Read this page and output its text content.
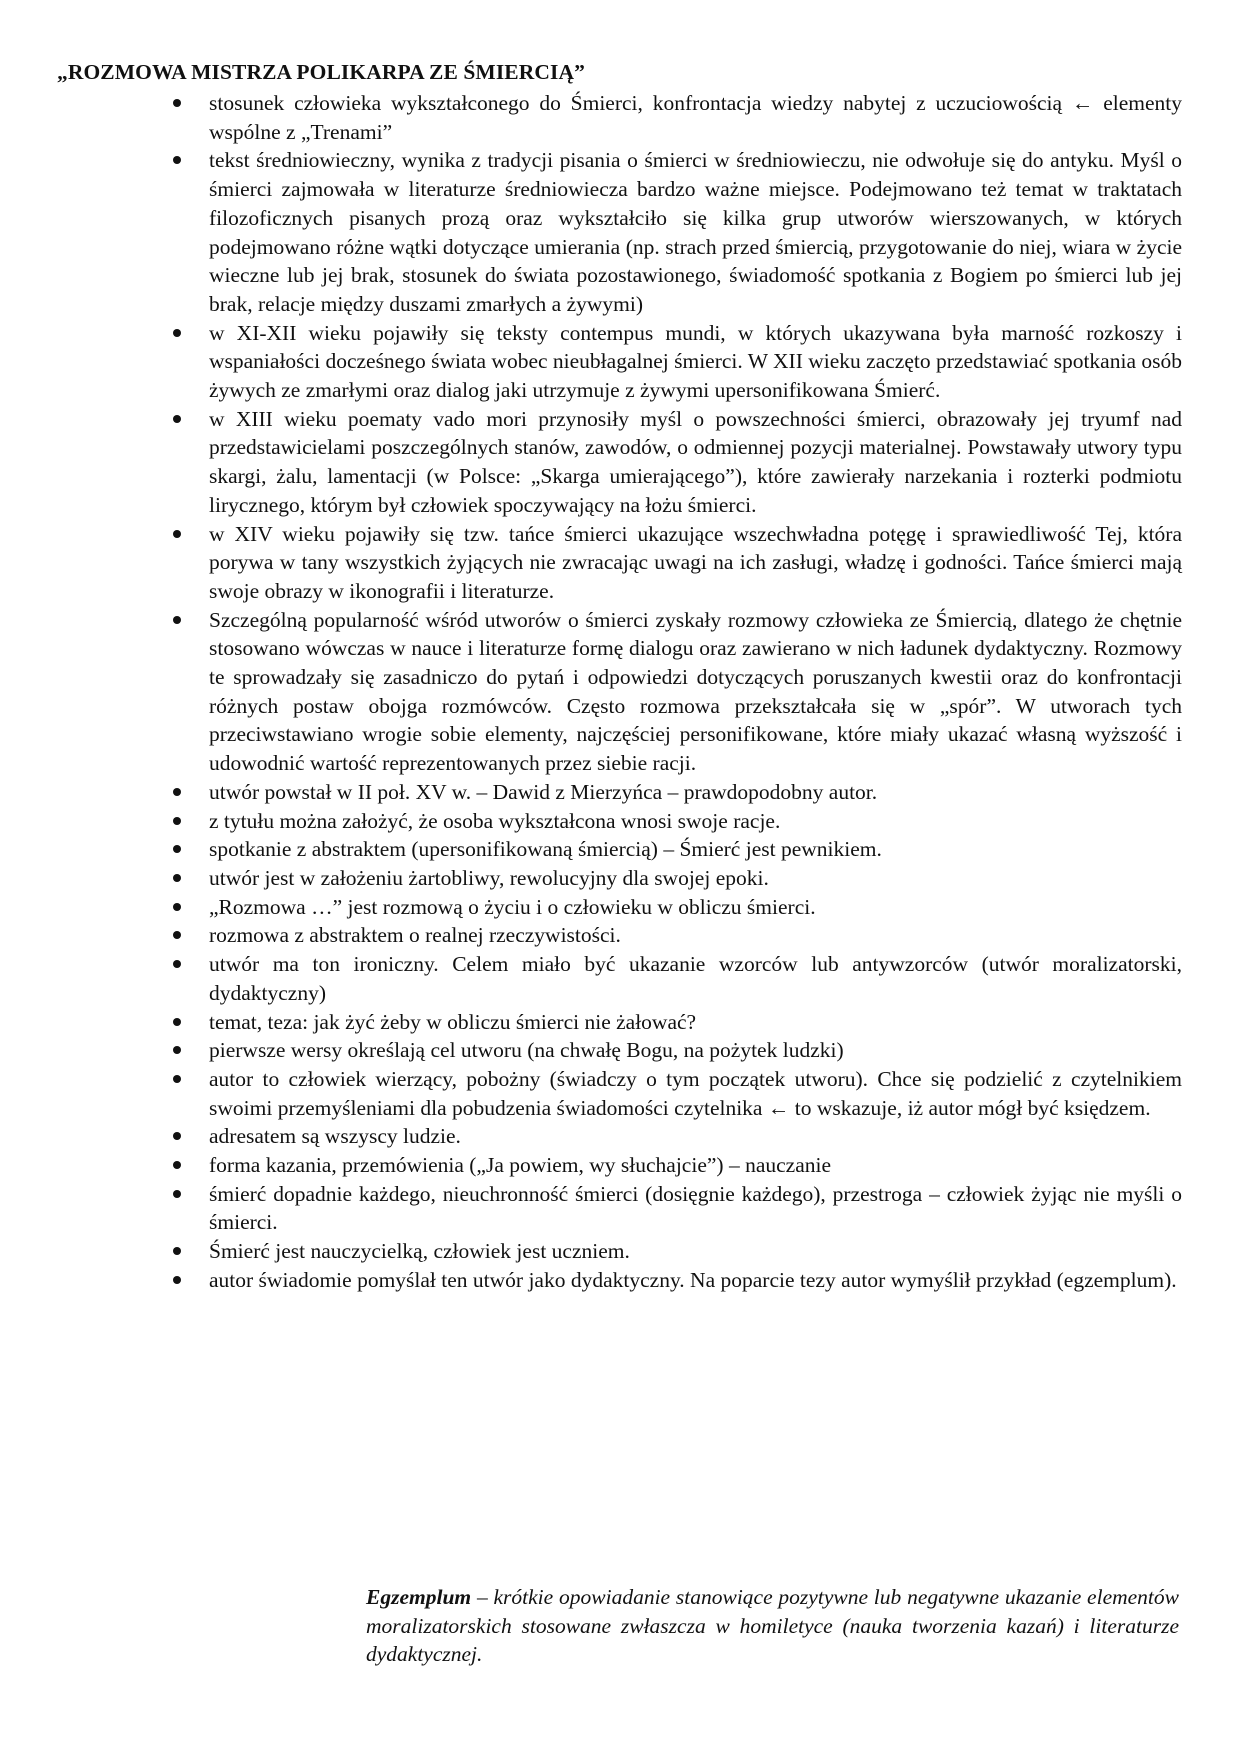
„ROZMOWA MISTRZA POLIKARPA ZE ŚMIERCIĄ”
stosunek człowieka wykształconego do Śmierci, konfrontacja wiedzy nabytej z uczuciowością ← elementy wspólne z „Trenami”
tekst średniowieczny, wynika z tradycji pisania o śmierci w średniowieczu, nie odwołuje się do antyku. Myśl o śmierci zajmowała w literaturze średniowiecza bardzo ważne miejsce. Podejmowano też temat w traktatach filozoficznych pisanych prozą oraz wykształciło się kilka grup utworów wierszowanych, w których podejmowano różne wątki dotyczące umierania (np. strach przed śmiercią, przygotowanie do niej, wiara w życie wieczne lub jej brak, stosunek do świata pozostawionego, świadomość spotkania z Bogiem po śmierci lub jej brak, relacje między duszami zmarłych a żywymi)
w XI-XII wieku pojawiły się teksty contempus mundi, w których ukazywana była marność rozkoszy i wspaniałości docześnego świata wobec nieubłagalnej śmierci. W XII wieku zaczęto przedstawiać spotkania osób żywych ze zmarłymi oraz dialog jaki utrzymuje z żywymi upersonifikowana Śmierć.
w XIII wieku poematy vado mori przynosiły myśl o powszechności śmierci, obrazowały jej tryumf nad przedstawicielami poszczególnych stanów, zawodów, o odmiennej pozycji materialnej. Powstawały utwory typu skargi, żalu, lamentacji (w Polsce: „Skarga umierającego”), które zawierały narzekania i rozterki podmiotu lirycznego, którym był człowiek spoczywający na łożu śmierci.
w XIV wieku pojawiły się tzw. tańce śmierci ukazujące wszechwładna potęgę i sprawiedliwość Tej, która porywa w tany wszystkich żyjących nie zwracając uwagi na ich zasługi, władzę i godności. Tańce śmierci mają swoje obrazy w ikonografii i literaturze.
Szczególną popularność wśród utworów o śmierci zyskały rozmowy człowieka ze Śmiercią, dlatego że chętnie stosowano wówczas w nauce i literaturze formę dialogu oraz zawierano w nich ładunek dydaktyczny. Rozmowy te sprowadzały się zasadniczo do pytań i odpowiedzi dotyczących poruszanych kwestii oraz do konfrontacji różnych postaw obojga rozmówców. Często rozmowa przekształcała się w „spór”. W utworach tych przeciwstawiano wrogie sobie elementy, najczęściej personifikowane, które miały ukazać własną wyższość i udowodnić wartość reprezentowanych przez siebie racji.
utwór powstał w II poł. XV w. – Dawid z Mierzyńca – prawdopodobny autor.
z tytułu można założyć, że osoba wykształcona wnosi swoje racje.
spotkanie z abstraktem (upersonifikowaną śmiercią) – Śmierć jest pewnikiem.
utwór jest w założeniu żartobliwy, rewolucyjny dla swojej epoki.
„Rozmowa …” jest rozmową o życiu i o człowieku w obliczu śmierci.
rozmowa z abstraktem o realnej rzeczywistości.
utwór ma ton ironiczny. Celem miało być ukazanie wzorców lub antywzorców (utwór moralizatorski, dydaktyczny)
temat, teza: jak żyć żeby w obliczu śmierci nie żałować?
pierwsze wersy określają cel utworu (na chwałę Bogu, na pożytek ludzki)
autor to człowiek wierzący, pobożny (świadczy o tym początek utworu). Chce się podzielić z czytelnikiem swoimi przemyśleniami dla pobudzenia świadomości czytelnika ← to wskazuje, iż autor mógł być księdzem.
adresatem są wszyscy ludzie.
forma kazania, przemówienia („Ja powiem, wy słuchajcie”) – nauczanie
śmierć dopadnie każdego, nieuchronność śmierci (dosięgnie każdego), przestroga – człowiek żyjąc nie myśli o śmierci.
Śmierć jest nauczycielką, człowiek jest uczniem.
autor świadomie pomyślał ten utwór jako dydaktyczny. Na poparcie tezy autor wymyślił przykład (egzemplum).

Egzemplum – krótkie opowiadanie stanowiące pozytywne lub negatywne ukazanie elementów moralizatorskich stosowane zwłaszcza w homiletyce (nauka tworzenia kazań) i literaturze dydaktycznej.
